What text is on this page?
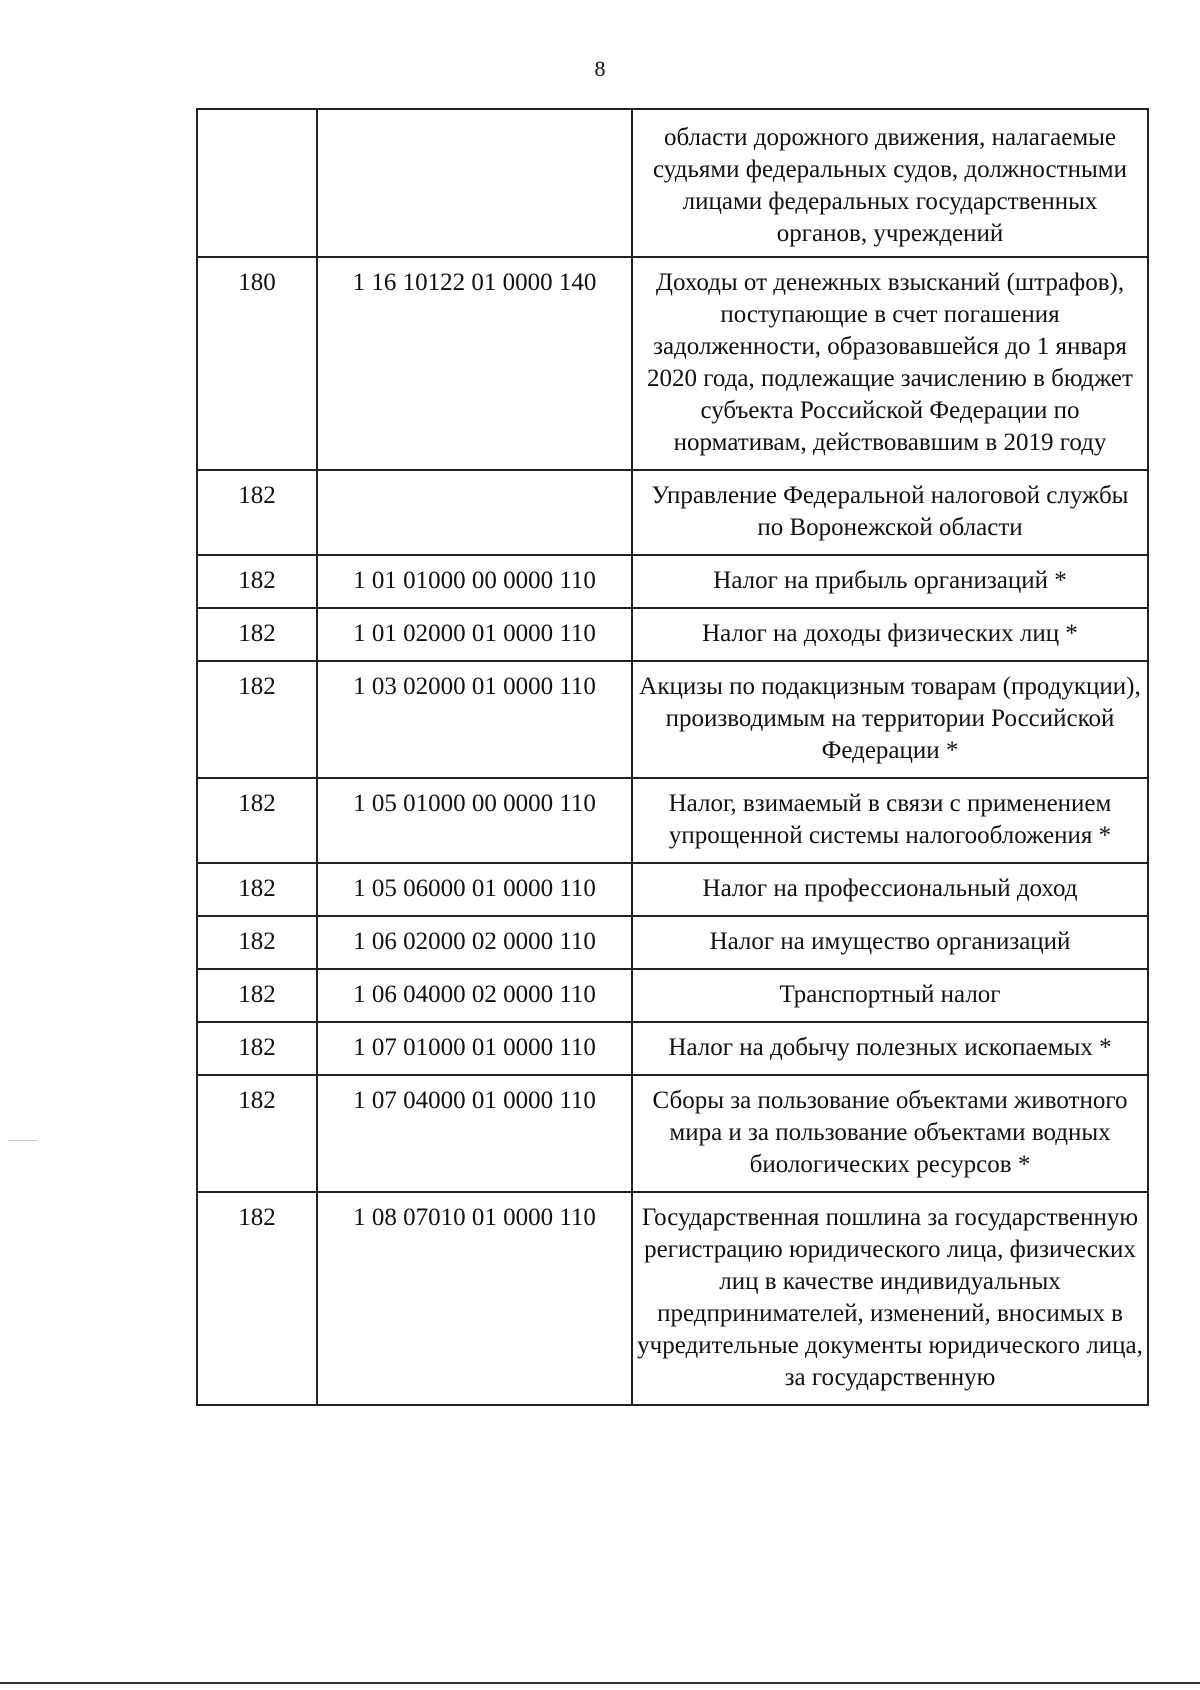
8
		области дорожного движения, налагаемые судьями федеральных судов, должностными лицами федеральных государственных органов, учреждений
180	1 16 10122 01 0000 140	Доходы от денежных взысканий (штрафов), поступающие в счет погашения задолженности, образовавшейся до 1 января 2020 года, подлежащие зачислению в бюджет субъекта Российской Федерации по нормативам, действовавшим в 2019 году
182		Управление Федеральной налоговой службы по Воронежской области
182	1 01 01000 00 0000 110	Налог на прибыль организаций *
182	1 01 02000 01 0000 110	Налог на доходы физических лиц *
182	1 03 02000 01 0000 110	Акцизы по подакцизным товарам (продукции), производимым на территории Российской Федерации *
182	1 05 01000 00 0000 110	Налог, взимаемый в связи с применением упрощенной системы налогообложения *
182	1 05 06000 01 0000 110	Налог на профессиональный доход
182	1 06 02000 02 0000 110	Налог на имущество организаций
182	1 06 04000 02 0000 110	Транспортный налог
182	1 07 01000 01 0000 110	Налог на добычу полезных ископаемых *
182	1 07 04000 01 0000 110	Сборы за пользование объектами животного мира и за пользование объектами водных биологических ресурсов *
182	1 08 07010 01 0000 110	Государственная пошлина за государственную регистрацию юридического лица, физических лиц в качестве индивидуальных предпринимателей, изменений, вносимых в учредительные документы юридического лица, за государственную
